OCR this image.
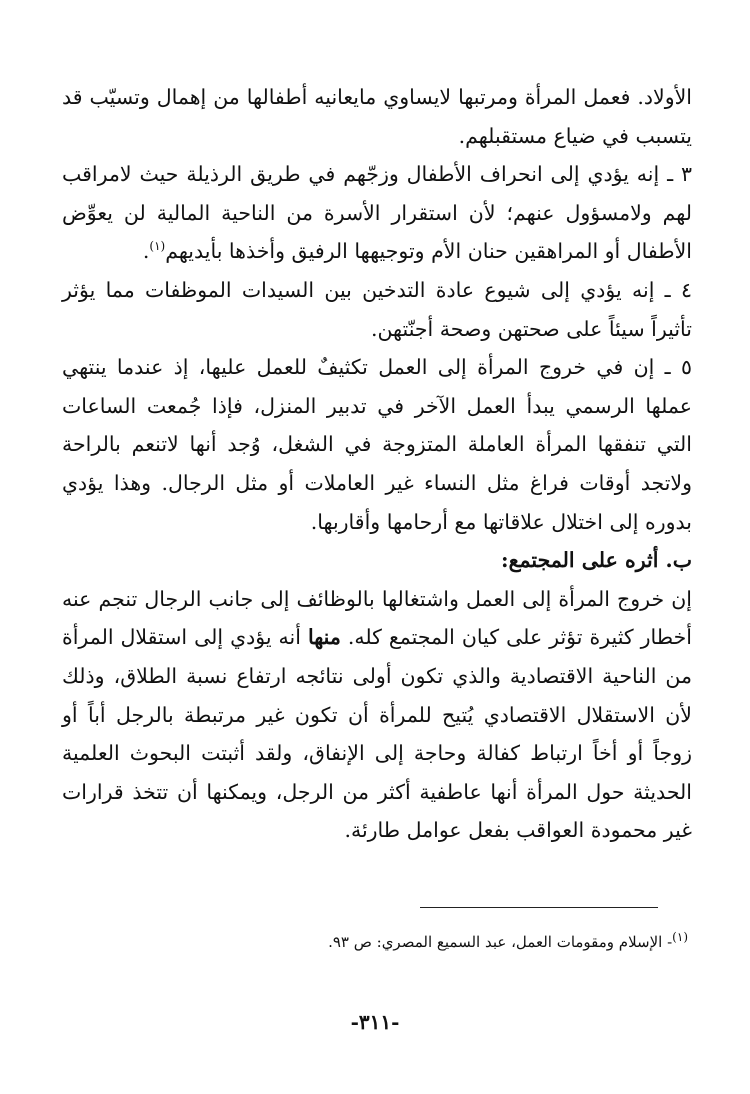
الأولاد. فعمل المرأة ومرتبها لايساوي مايعانيه أطفالها من إهمال وتسيّب قد يتسبب في ضياع مستقبلهم.

٣ ـ إنه يؤدي إلى انحراف الأطفال وزجّهم في طريق الرذيلة حيث لامراقب لهم ولامسؤول عنهم؛ لأن استقرار الأسرة من الناحية المالية لن يعوِّض الأطفال أو المراهقين حنان الأم وتوجيهها الرفيق وأخذها بأيديهم$^{(١)}$.

٤ ـ إنه يؤدي إلى شيوع عادة التدخين بين السيدات الموظفات مما يؤثر تأثيراً سيئاً على صحتهن وصحة أجنّتهن.

٥ ـ إن في خروج المرأة إلى العمل تكثيفٌ للعمل عليها، إذ عندما ينتهي عملها الرسمي يبدأ العمل الآخر في تدبير المنزل، فإذا جُمعت الساعات التي تنفقها المرأة العاملة المتزوجة في الشغل، وُجد أنها لاتنعم بالراحة ولاتجد أوقات فراغ مثل النساء غير العاملات أو مثل الرجال. وهذا يؤدي بدوره إلى اختلال علاقاتها مع أرحامها وأقاربها.

ب. أثره على المجتمع:

إن خروج المرأة إلى العمل واشتغالها بالوظائف إلى جانب الرجال تنجم عنه أخطار كثيرة تؤثر على كيان المجتمع كله. منها أنه يؤدي إلى استقلال المرأة من الناحية الاقتصادية والذي تكون أولى نتائجه ارتفاع نسبة الطلاق، وذلك لأن الاستقلال الاقتصادي يُتيح للمرأة أن تكون غير مرتبطة بالرجل أباً أو زوجاً أو أخاً ارتباط كفالة وحاجة إلى الإنفاق، ولقد أثبتت البحوث العلمية الحديثة حول المرأة أنها عاطفية أكثر من الرجل، ويمكنها أن تتخذ قرارات غير محمودة العواقب بفعل عوامل طارئة.

$^{(١)}$- الإسلام ومقومات العمل، عبد السميع المصري: ص ٩٣.
-٣١١-
